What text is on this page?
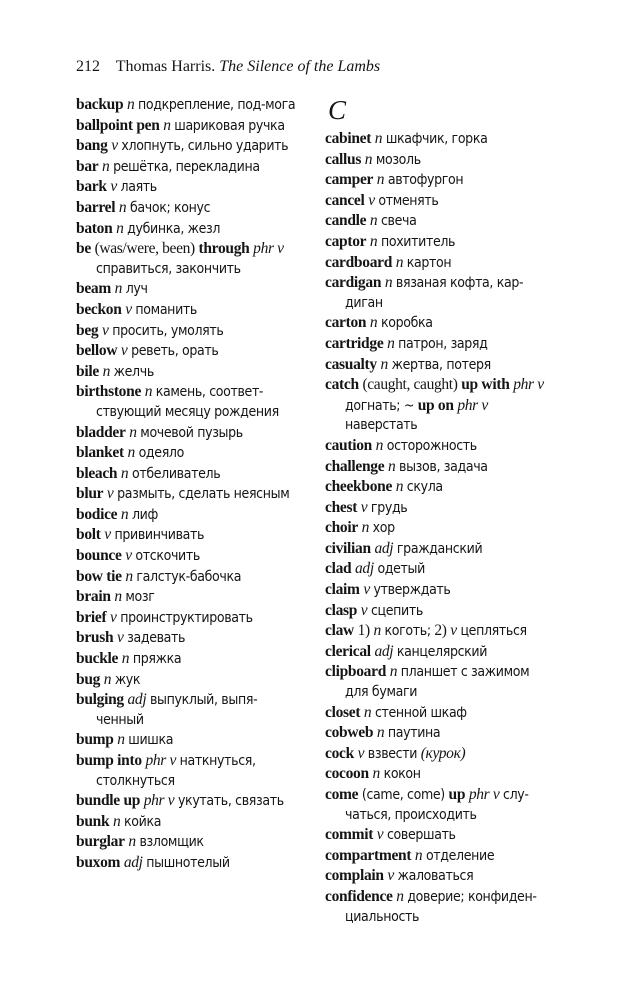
212 Thomas Harris. The Silence of the Lambs
backup n подкрепление, под-мога
ballpoint pen n шариковая ручка
bang v хлопнуть, сильно ударить
bar n решётка, перекладина
bark v лаять
barrel n бачок; конус
baton n дубинка, жезл
be (was/were, been) through phr v справиться, закончить
beam n луч
beckon v поманить
beg v просить, умолять
bellow v реветь, орать
bile n желчь
birthstone n камень, соответ-ствующий месяцу рождения
bladder n мочевой пузырь
blanket n одеяло
bleach n отбеливатель
blur v размыть, сделать неясным
bodice n лиф
bolt v привинчивать
bounce v отскочить
bow tie n галстук-бабочка
brain n мозг
brief v проинструктировать
brush v задевать
buckle n пряжка
bug n жук
bulging adj выпуклый, выпя-ченный
bump n шишка
bump into phr v наткнуться, столкнуться
bundle up phr v укутать, связать
bunk n койка
burglar n взломщик
buxom adj пышнотелый
C
cabinet n шкафчик, горка
callus n мозоль
camper n автофургон
cancel v отменять
candle n свеча
captor n похититель
cardboard n картон
cardigan n вязаная кофта, кар-диган
carton n коробка
cartridge n патрон, заряд
casualty n жертва, потеря
catch (caught, caught) up with phr v догнать; ~ up on phr v наверстать
caution n осторожность
challenge n вызов, задача
cheekbone n скула
chest v грудь
choir n хор
civilian adj гражданский
clad adj одетый
claim v утверждать
clasp v сцепить
claw 1) n коготь; 2) v цепляться
clerical adj канцелярский
clipboard n планшет с зажимом для бумаги
closet n стенной шкаф
cobweb n паутина
cock v взвести (курок)
cocoon n кокон
come (came, come) up phr v слу-чаться, происходить
commit v совершать
compartment n отделение
complain v жаловаться
confidence n доверие; конфиден-циальность
